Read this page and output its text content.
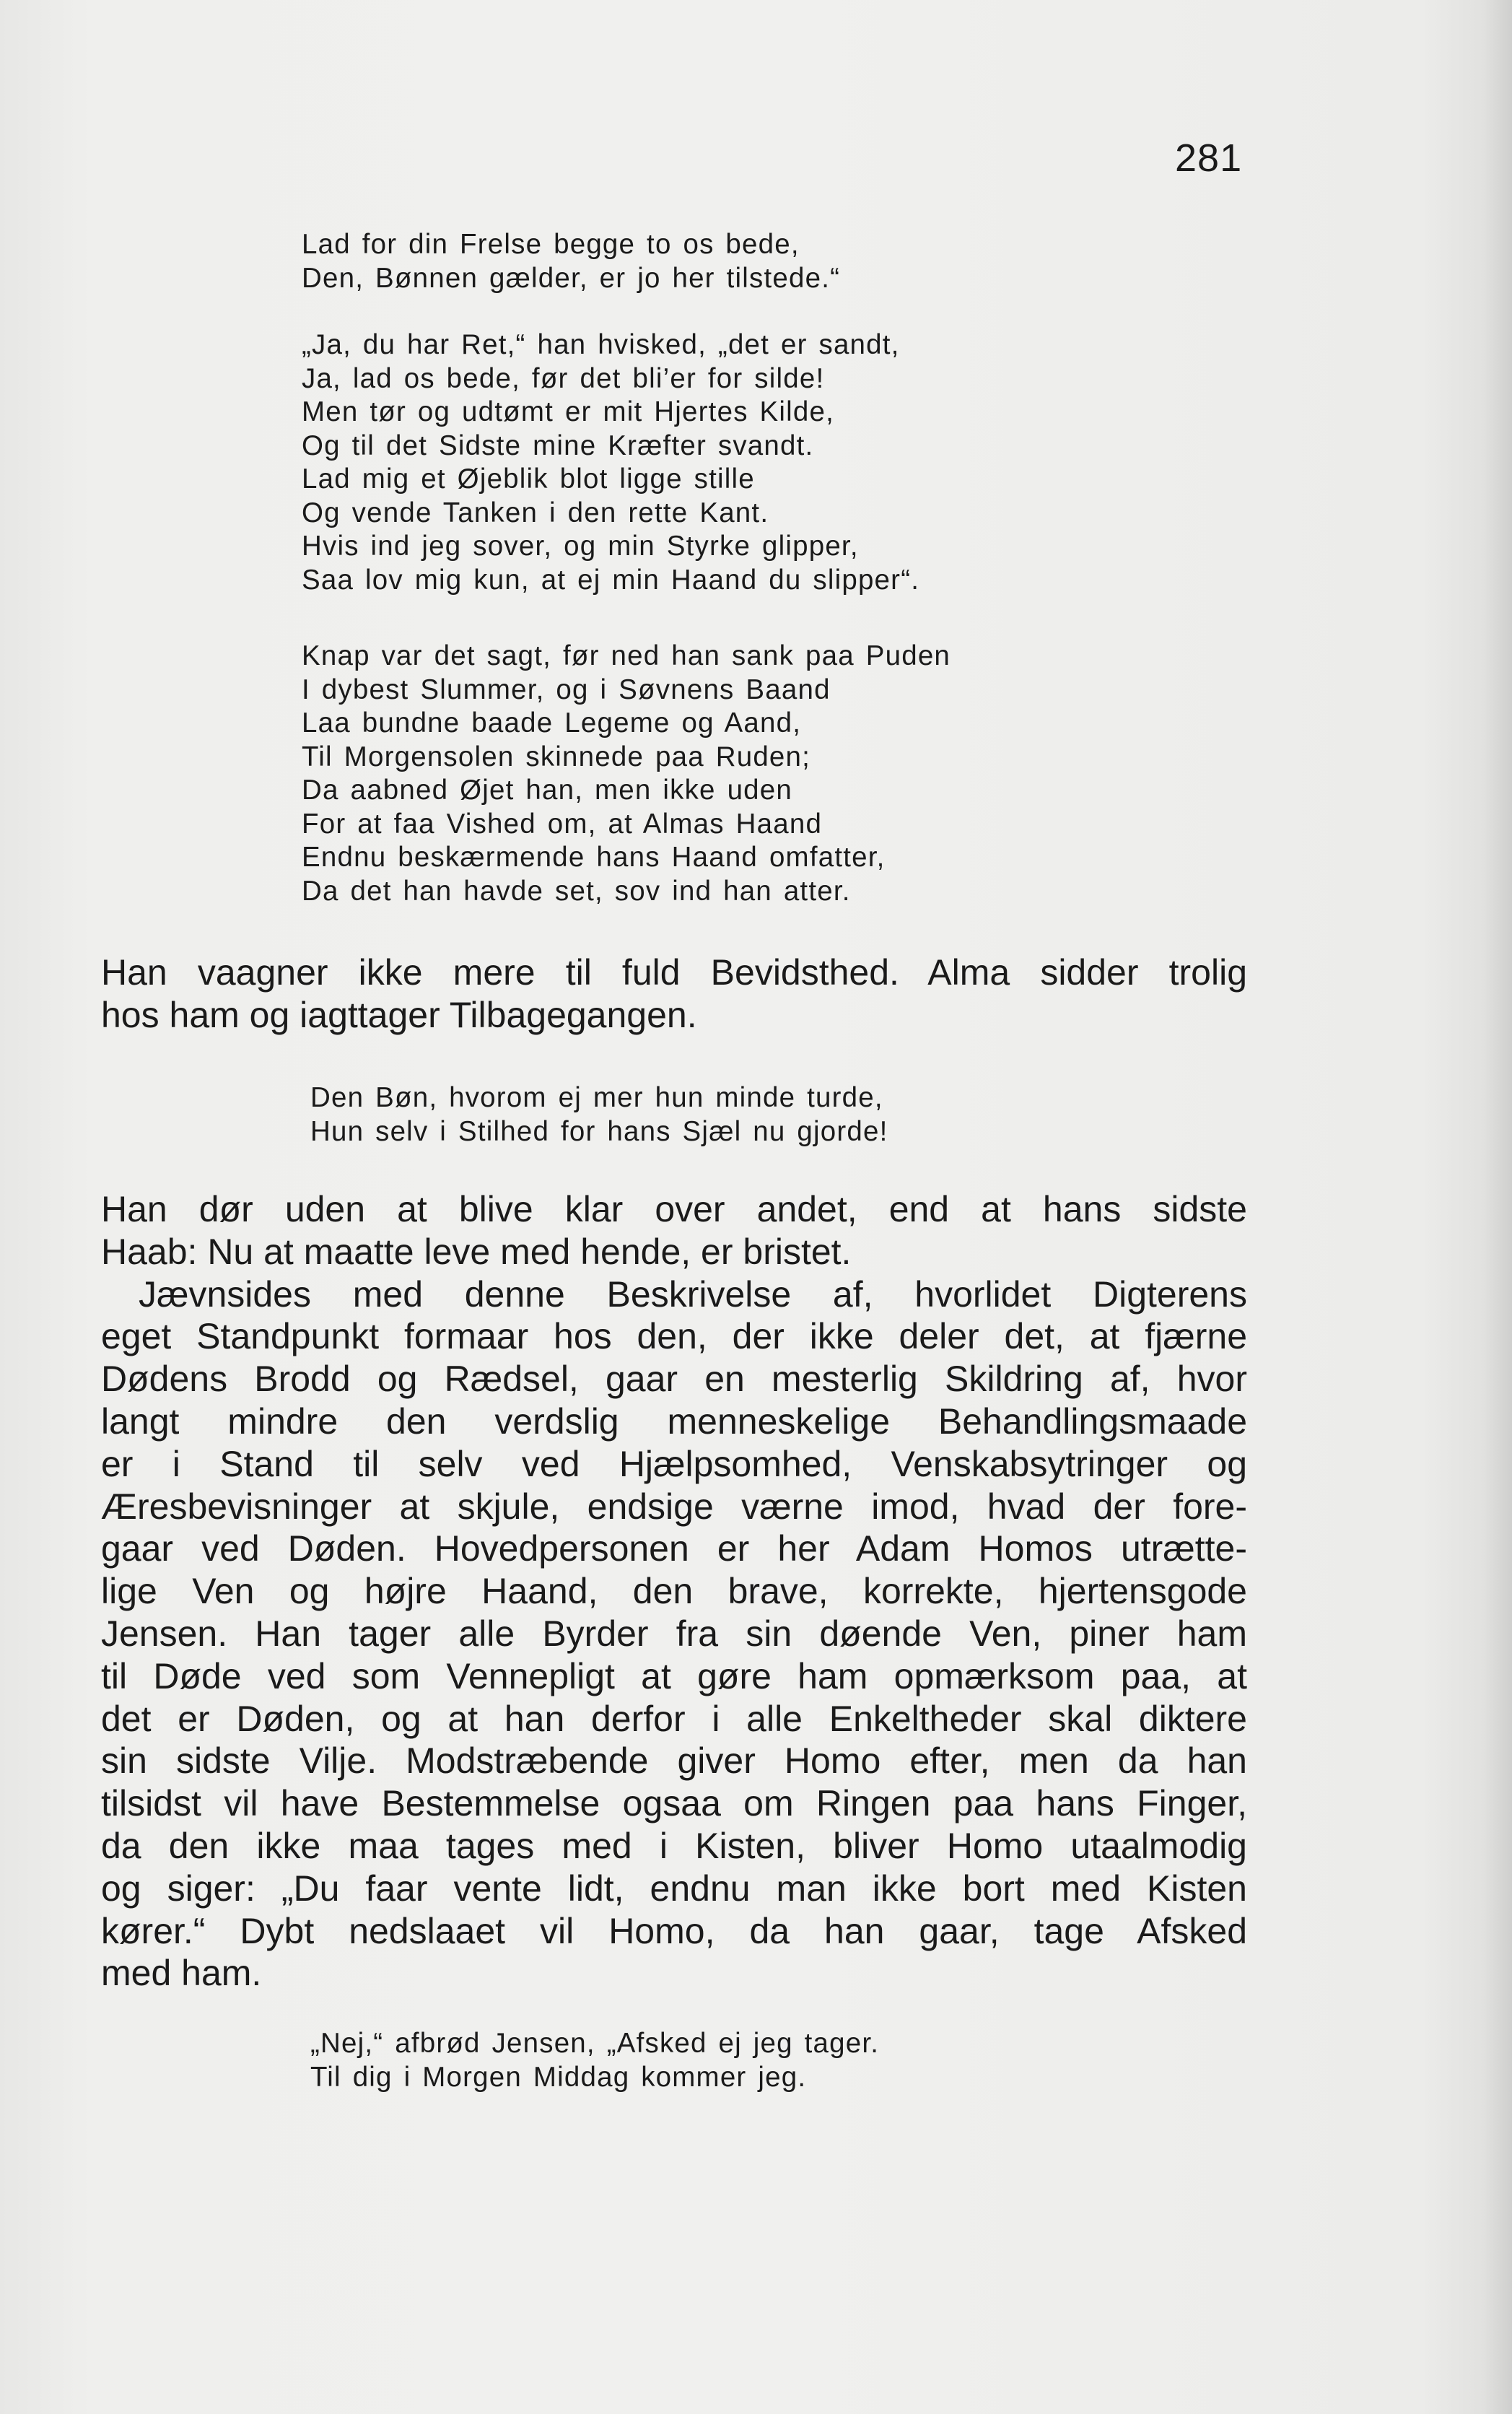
281
Lad for din Frelse begge to os bede,
Den, Bønnen gælder, er jo her tilstede.“
„Ja, du har Ret,“ han hvisked, „det er sandt,
Ja, lad os bede, før det bli’er for silde!
Men tør og udtømt er mit Hjertes Kilde,
Og til det Sidste mine Kræfter svandt.
Lad mig et Øjeblik blot ligge stille
Og vende Tanken i den rette Kant.
Hvis ind jeg sover, og min Styrke glipper,
Saa lov mig kun, at ej min Haand du slipper“.
Knap var det sagt, før ned han sank paa Puden
I dybest Slummer, og i Søvnens Baand
Laa bundne baade Legeme og Aand,
Til Morgensolen skinnede paa Ruden;
Da aabned Øjet han, men ikke uden
For at faa Vished om, at Almas Haand
Endnu beskærmende hans Haand omfatter,
Da det han havde set, sov ind han atter.
Han vaagner ikke mere til fuld Bevidsthed. Alma sidder trolig
hos ham og iagttager Tilbagegangen.
Den Bøn, hvorom ej mer hun minde turde,
Hun selv i Stilhed for hans Sjæl nu gjorde!
Han dør uden at blive klar over andet, end at hans sidste
Haab: Nu at maatte leve med hende, er bristet.
Jævnsides med denne Beskrivelse af, hvorlidet Digterens
eget Standpunkt formaar hos den, der ikke deler det, at fjærne
Dødens Brodd og Rædsel, gaar en mesterlig Skildring af, hvor
langt mindre den verdslig menneskelige Behandlingsmaade
er i Stand til selv ved Hjælpsomhed, Venskabsytringer og
Æresbevisninger at skjule, endsige værne imod, hvad der fore-
gaar ved Døden. Hovedpersonen er her Adam Homos utrætte-
lige Ven og højre Haand, den brave, korrekte, hjertensgode
Jensen. Han tager alle Byrder fra sin døende Ven, piner ham
til Døde ved som Vennepligt at gøre ham opmærksom paa, at
det er Døden, og at han derfor i alle Enkeltheder skal diktere
sin sidste Vilje. Modstræbende giver Homo efter, men da han
tilsidst vil have Bestemmelse ogsaa om Ringen paa hans Finger,
da den ikke maa tages med i Kisten, bliver Homo utaalmodig
og siger: „Du faar vente lidt, endnu man ikke bort med Kisten
kører.“ Dybt nedslaaet vil Homo, da han gaar, tage Afsked
med ham.
„Nej,“ afbrød Jensen, „Afsked ej jeg tager.
Til dig i Morgen Middag kommer jeg.
